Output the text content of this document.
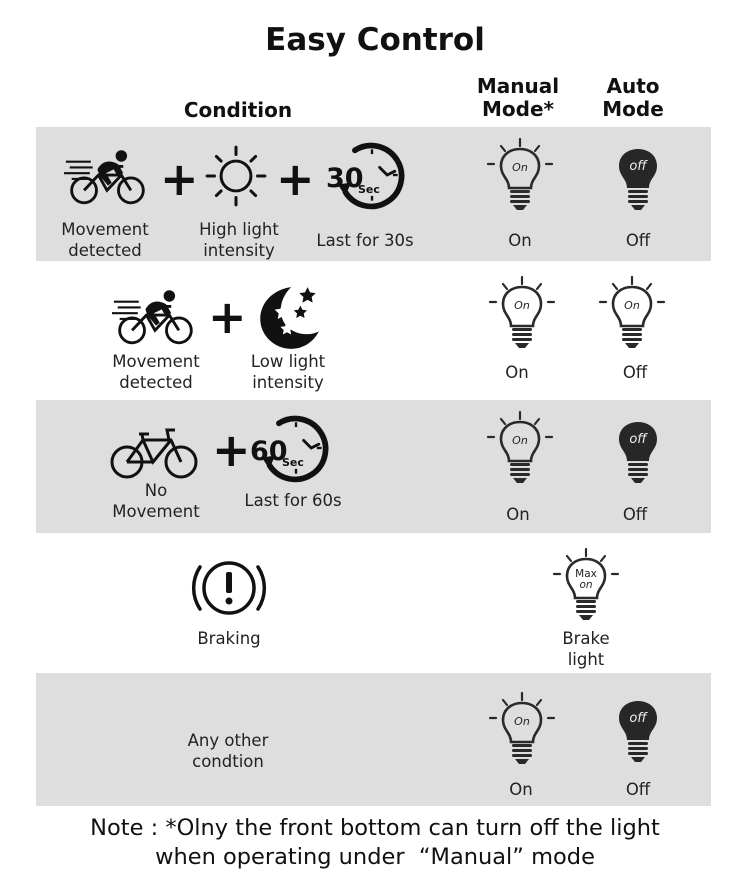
Easy Control
Condition
Manual
Mode*
Auto
Mode
+ + 30
Sec
Movement
detected
High light
intensity
Last for 30s
On
On
off
Off
+
Movement
detected
Low light
intensity
On
On
On
Off
+ 60
Sec
No
Movement
Last for 60s
On
On
off
Off
Braking
Max
on
Brake
light
Any other
condtion
On
On
off
Off
Note : *Olny the front bottom can turn off the light
when operating under  “Manual” mode
